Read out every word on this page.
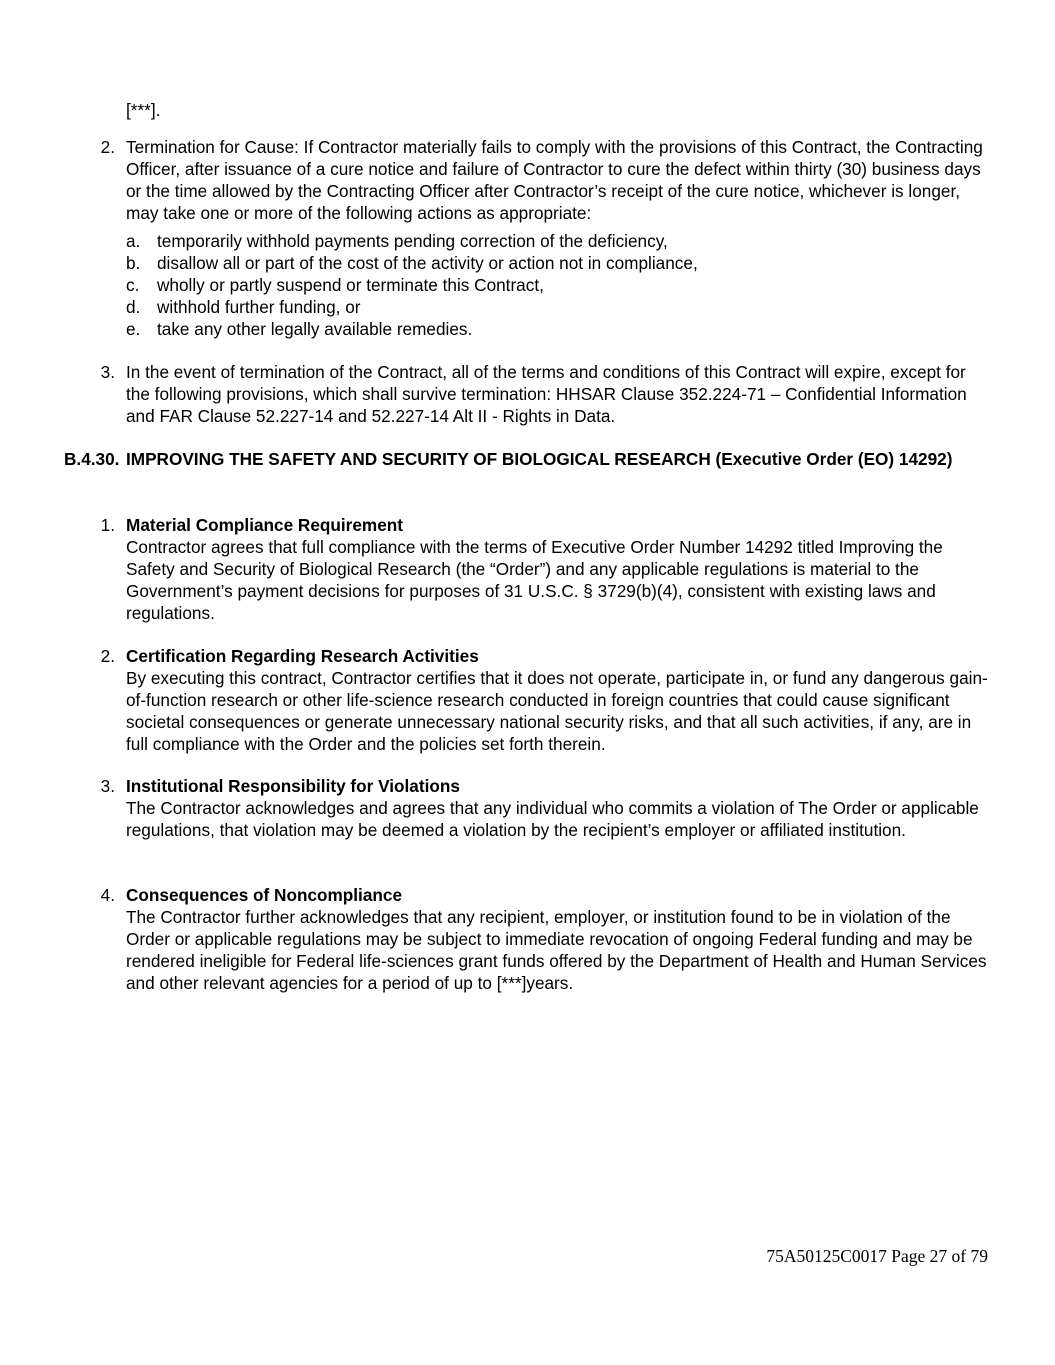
[***].
2. Termination for Cause: If Contractor materially fails to comply with the provisions of this Contract, the Contracting Officer, after issuance of a cure notice and failure of Contractor to cure the defect within thirty (30) business days or the time allowed by the Contracting Officer after Contractor’s receipt of the cure notice, whichever is longer, may take one or more of the following actions as appropriate:
a. temporarily withhold payments pending correction of the deficiency,
b. disallow all or part of the cost of the activity or action not in compliance,
c. wholly or partly suspend or terminate this Contract,
d. withhold further funding, or
e. take any other legally available remedies.
3. In the event of termination of the Contract, all of the terms and conditions of this Contract will expire, except for the following provisions, which shall survive termination: HHSAR Clause 352.224-71 – Confidential Information and FAR Clause 52.227-14 and 52.227-14 Alt II - Rights in Data.
B.4.30. IMPROVING THE SAFETY AND SECURITY OF BIOLOGICAL RESEARCH (Executive Order (EO) 14292)
1. Material Compliance Requirement
Contractor agrees that full compliance with the terms of Executive Order Number 14292 titled Improving the Safety and Security of Biological Research (the “Order”) and any applicable regulations is material to the Government’s payment decisions for purposes of 31 U.S.C. § 3729(b)(4), consistent with existing laws and regulations.
2. Certification Regarding Research Activities
By executing this contract, Contractor certifies that it does not operate, participate in, or fund any dangerous gain-of-function research or other life-science research conducted in foreign countries that could cause significant societal consequences or generate unnecessary national security risks, and that all such activities, if any, are in full compliance with the Order and the policies set forth therein.
3. Institutional Responsibility for Violations
The Contractor acknowledges and agrees that any individual who commits a violation of The Order or applicable regulations, that violation may be deemed a violation by the recipient’s employer or affiliated institution.
4. Consequences of Noncompliance
The Contractor further acknowledges that any recipient, employer, or institution found to be in violation of the Order or applicable regulations may be subject to immediate revocation of ongoing Federal funding and may be rendered ineligible for Federal life-sciences grant funds offered by the Department of Health and Human Services and other relevant agencies for a period of up to [***]years.
75A50125C0017 Page 27 of 79
